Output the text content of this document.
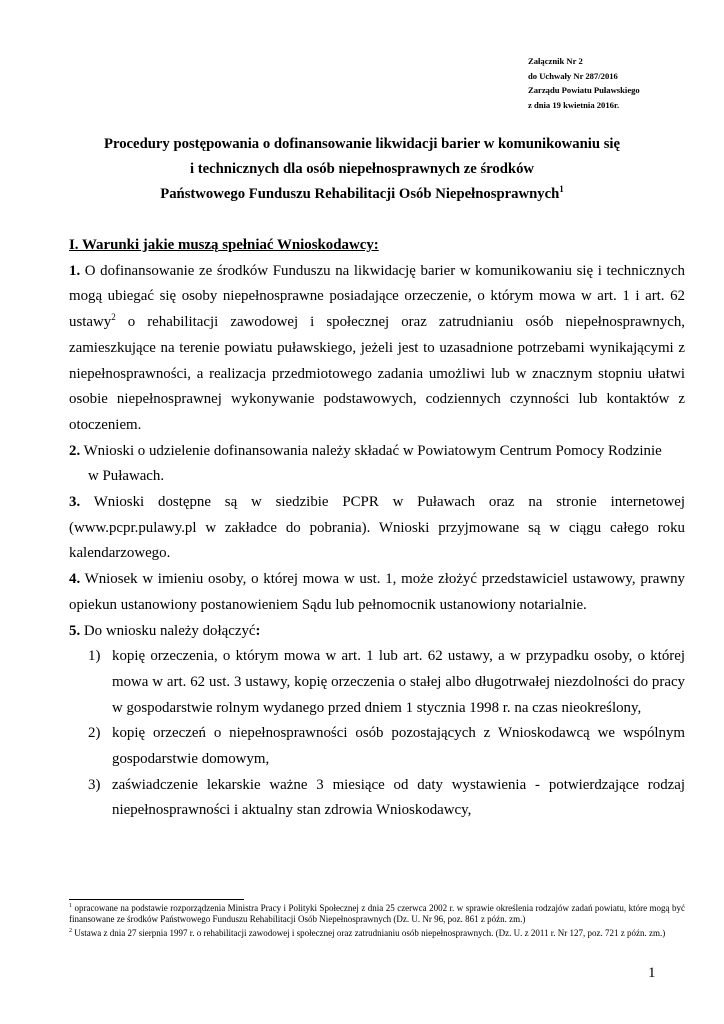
Załącznik Nr 2
do Uchwały Nr 287/2016
Zarządu Powiatu Puławskiego
z dnia 19 kwietnia 2016r.
Procedury postępowania o dofinansowanie likwidacji barier w komunikowaniu się
i technicznych dla osób niepełnosprawnych ze środków
Państwowego Funduszu Rehabilitacji Osób Niepełnosprawnych$^1$
I. Warunki jakie muszą spełniać Wnioskodawcy:
1. O dofinansowanie ze środków Funduszu na likwidację barier w komunikowaniu się i technicznych mogą ubiegać się osoby niepełnosprawne posiadające orzeczenie, o którym mowa w art. 1 i art. 62 ustawy$^2$ o rehabilitacji zawodowej i społecznej oraz zatrudnianiu osób niepełnosprawnych, zamieszkujące na terenie powiatu puławskiego, jeżeli jest to uzasadnione potrzebami wynikającymi z niepełnosprawności, a realizacja przedmiotowego zadania umożliwi lub w znacznym stopniu ułatwi osobie niepełnosprawnej wykonywanie podstawowych, codziennych czynności lub kontaktów z otoczeniem.
2. Wnioski o udzielenie dofinansowania należy składać w Powiatowym Centrum Pomocy Rodzinie
w Puławach.
3. Wnioski dostępne są w siedzibie PCPR w Puławach oraz na stronie internetowej (www.pcpr.pulawy.pl w zakładce do pobrania). Wnioski przyjmowane są w ciągu całego roku kalendarzowego.
4. Wniosek w imieniu osoby, o której mowa w ust. 1, może złożyć przedstawiciel ustawowy, prawny opiekun ustanowiony postanowieniem Sądu lub pełnomocnik ustanowiony notarialnie.
5. Do wniosku należy dołączyć:
1) kopię orzeczenia, o którym mowa w art. 1 lub art. 62 ustawy, a w przypadku osoby, o której mowa w art. 62 ust. 3 ustawy, kopię orzeczenia o stałej albo długotrwałej niezdolności do pracy w gospodarstwie rolnym wydanego przed dniem 1 stycznia 1998 r. na czas nieokreślony,
2) kopię orzeczeń o niepełnosprawności osób pozostających z Wnioskodawcą we wspólnym gospodarstwie domowym,
3) zaświadczenie lekarskie ważne 3 miesiące od daty wystawienia - potwierdzające rodzaj niepełnosprawności i aktualny stan zdrowia Wnioskodawcy,
$^1$ opracowane na podstawie rozporządzenia Ministra Pracy i Polityki Społecznej z dnia 25 czerwca 2002 r. w sprawie określenia rodzajów zadań powiatu, które mogą być finansowane ze środków Państwowego Funduszu Rehabilitacji Osób Niepełnosprawnych (Dz. U. Nr 96, poz. 861 z późn. zm.)
$^2$ Ustawa z dnia 27 sierpnia 1997 r. o rehabilitacji zawodowej i społecznej oraz zatrudnianiu osób niepełnosprawnych. (Dz. U. z 2011 r. Nr 127, poz. 721 z późn. zm.)
1
